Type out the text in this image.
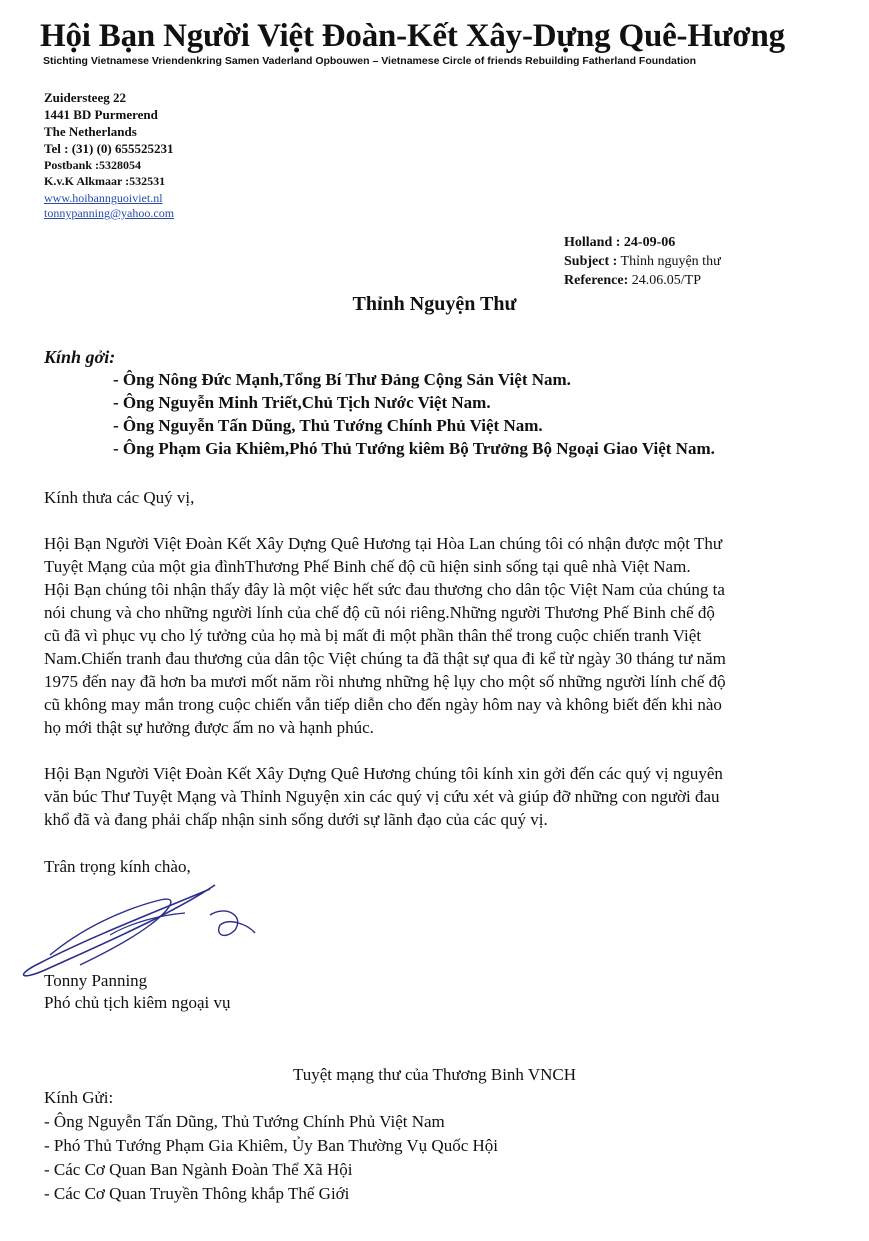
Hội Bạn Người Việt Đoàn-Kết Xây-Dựng Quê-Hương
Stichting Vietnamese Vriendenkring Samen Vaderland Opbouwen – Vietnamese Circle of friends Rebuilding Fatherland Foundation
Zuidersteeg 22
1441 BD Purmerend
The Netherlands
Tel : (31) (0) 655525231
Postbank :5328054
K.v.K Alkmaar :532531
www.hoibannguoiviet.nl
tonnypanning@yahoo.com
Holland : 24-09-06
Subject : Thỉnh nguyện thư
Reference: 24.06.05/TP
Thỉnh Nguyện Thư
Kính gởi:
- Ông Nông Đức Mạnh,Tổng Bí Thư Đảng Cộng Sản Việt Nam.
- Ông Nguyễn Minh Triết,Chủ Tịch Nước Việt Nam.
- Ông Nguyễn Tấn Dũng, Thủ Tướng Chính Phủ Việt Nam.
- Ông Phạm Gia Khiêm,Phó Thủ Tướng kiêm Bộ Trưởng Bộ Ngoại Giao Việt Nam.
Kính thưa các Quý vị,
Hội Bạn Người Việt Đoàn Kết Xây Dựng Quê Hương tại Hòa Lan chúng tôi có nhận được một Thư
Tuyệt Mạng của một gia đìnhThương Phế Binh chế độ cũ hiện sinh sống tại quê nhà Việt Nam.
Hội Bạn chúng tôi nhận thấy đây là một việc hết sức đau thương cho dân tộc Việt Nam của chúng ta
nói chung và cho những người lính của chế độ cũ nói riêng.Những người Thương Phế Binh chế độ
cũ đã vì phục vụ cho lý tưởng của họ mà bị mất đi một phần thân thể trong cuộc chiến tranh Việt
Nam.Chiến tranh đau thương của dân tộc Việt chúng ta đã thật sự qua đi kể từ ngày 30 tháng tư năm
1975 đến nay đã hơn ba mươi mốt năm rồi nhưng những hệ lụy cho một số những người lính chế độ
cũ không may mắn trong cuộc chiến vẫn tiếp diễn cho đến ngày hôm nay và không biết đến khi nào
họ mới thật sự hưởng được ấm no và hạnh phúc.
Hội Bạn Người Việt Đoàn Kết Xây Dựng Quê Hương chúng tôi kính xin gởi đến các quý vị nguyên
văn búc Thư Tuyệt Mạng và Thỉnh Nguyện xin các quý vị cứu xét và giúp đỡ những con người đau
khổ đã và đang phải chấp nhận sinh sống dưới sự lãnh đạo của các quý vị.
Trân trọng kính chào,
Tonny Panning
Phó chủ tịch kiêm ngoại vụ
Tuyệt mạng thư của Thương Binh VNCH
Kính Gửi:
- Ông Nguyễn Tấn Dũng, Thủ Tướng Chính Phủ Việt Nam
- Phó Thủ Tướng Phạm Gia Khiêm, Ủy Ban Thường Vụ Quốc Hội
- Các Cơ Quan Ban Ngành Đoàn Thể Xã Hội
- Các Cơ Quan Truyền Thông khắp Thế Giới
